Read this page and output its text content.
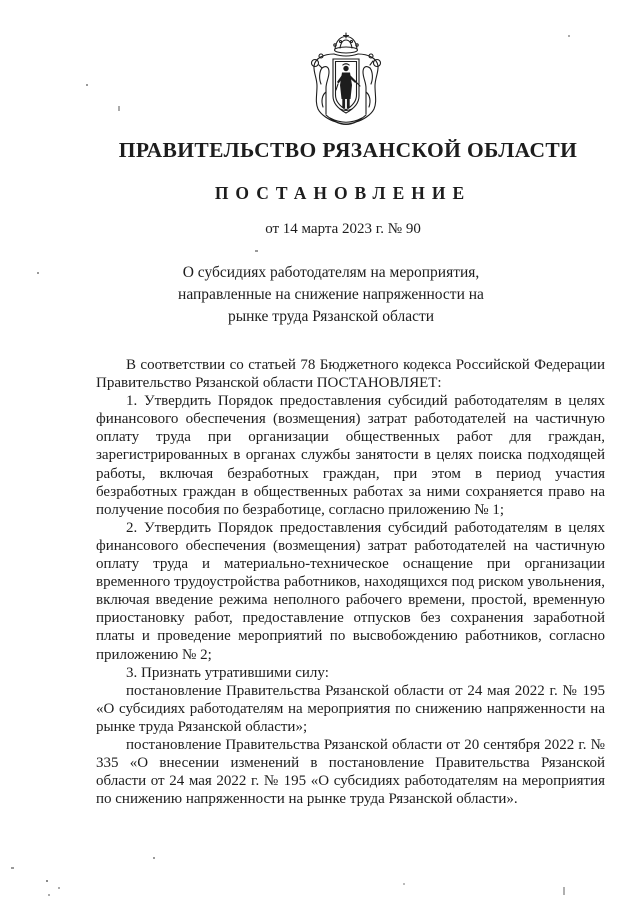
ПРАВИТЕЛЬСТВО РЯЗАНСКОЙ ОБЛАСТИ
ПОСТАНОВЛЕНИЕ
от 14 марта 2023 г. № 90
О субсидиях работодателям на мероприятия,
направленные на снижение напряженности на
рынке труда Рязанской области

В соответствии со статьей 78 Бюджетного кодекса Российской Федерации Правительство Рязанской области ПОСТАНОВЛЯЕТ:

1. Утвердить Порядок предоставления субсидий работодателям в целях финансового обеспечения (возмещения) затрат работодателей на частичную оплату труда при организации общественных работ для граждан, зарегистрированных в органах службы занятости в целях поиска подходящей работы, включая безработных граждан, при этом в период участия безработных граждан в общественных работах за ними сохраняется право на получение пособия по безработице, согласно приложению № 1;

2. Утвердить Порядок предоставления субсидий работодателям в целях финансового обеспечения (возмещения) затрат работодателей на частичную оплату труда и материально-техническое оснащение при организации временного трудоустройства работников, находящихся под риском увольнения, включая введение режима неполного рабочего времени, простой, временную приостановку работ, предоставление отпусков без сохранения заработной платы и проведение мероприятий по высвобождению работников, согласно приложению № 2;

3. Признать утратившими силу:

постановление Правительства Рязанской области от 24 мая 2022 г. № 195 «О субсидиях работодателям на мероприятия по снижению напряженности на рынке труда Рязанской области»;

постановление Правительства Рязанской области от 20 сентября 2022 г. № 335 «О внесении изменений в постановление Правительства Рязанской области от 24 мая 2022 г. № 195 «О субсидиях работодателям на мероприятия по снижению напряженности на рынке труда Рязанской области».
